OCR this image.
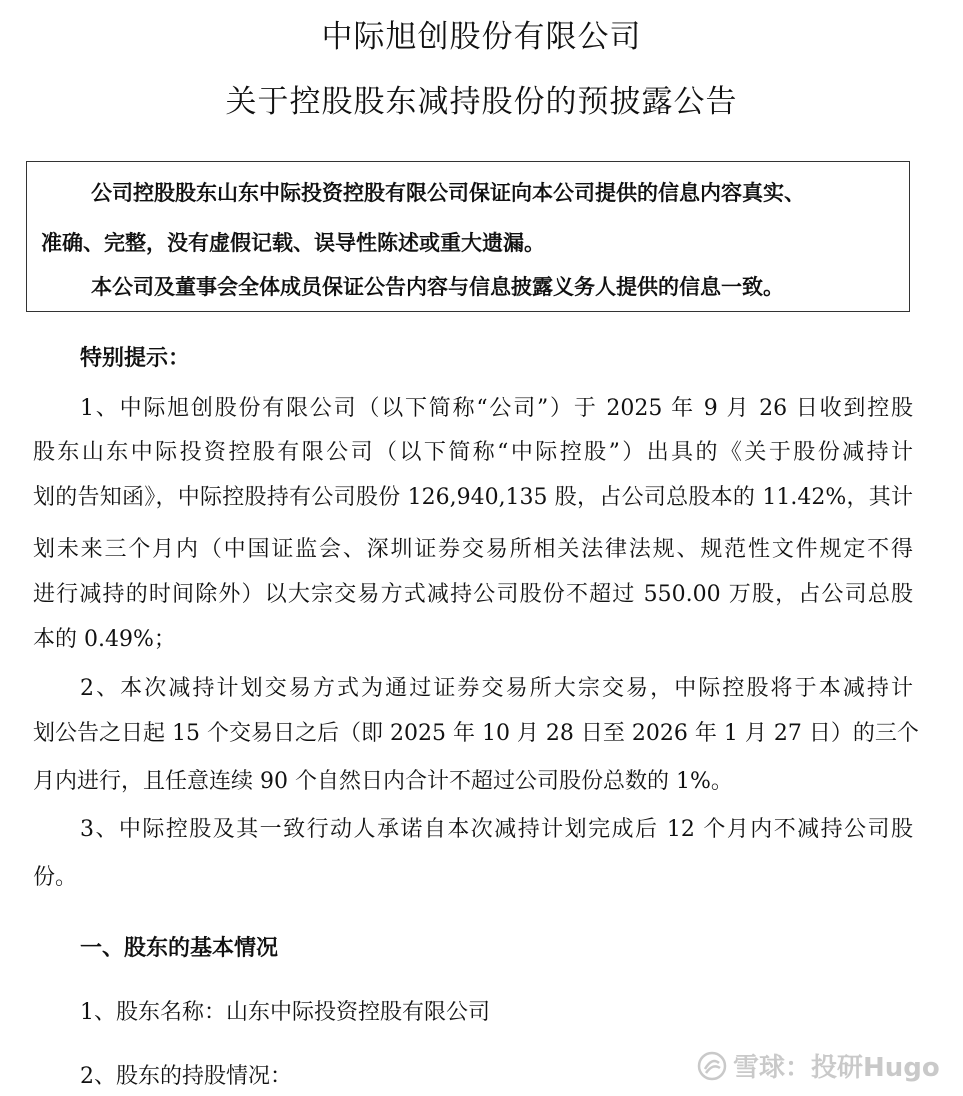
中际旭创股份有限公司
关于控股股东减持股份的预披露公告
公司控股股东山东中际投资控股有限公司保证向本公司提供的信息内容真实、
准确、完整，没有虚假记载、误导性陈述或重大遗漏。
本公司及董事会全体成员保证公告内容与信息披露义务人提供的信息一致。
特别提示：
1、中际旭创股份有限公司（以下简称“公司”）于 2025 年 9 月 26 日收到控股
股东山东中际投资控股有限公司（以下简称“中际控股”）出具的《关于股份减持计
划的告知函》，中际控股持有公司股份 126,940,135 股，占公司总股本的 11.42%，其计
划未来三个月内（中国证监会、深圳证券交易所相关法律法规、规范性文件规定不得
进行减持的时间除外）以大宗交易方式减持公司股份不超过 550.00 万股，占公司总股
本的 0.49%；
2、本次减持计划交易方式为通过证券交易所大宗交易，中际控股将于本减持计
划公告之日起 15 个交易日之后（即 2025 年 10 月 28 日至 2026 年 1 月 27 日）的三个
月内进行，且任意连续 90 个自然日内合计不超过公司股份总数的 1%。
3、中际控股及其一致行动人承诺自本次减持计划完成后 12 个月内不减持公司股
份。
一、股东的基本情况
1、股东名称：山东中际投资控股有限公司
2、股东的持股情况：	雪球：投研Hugo
